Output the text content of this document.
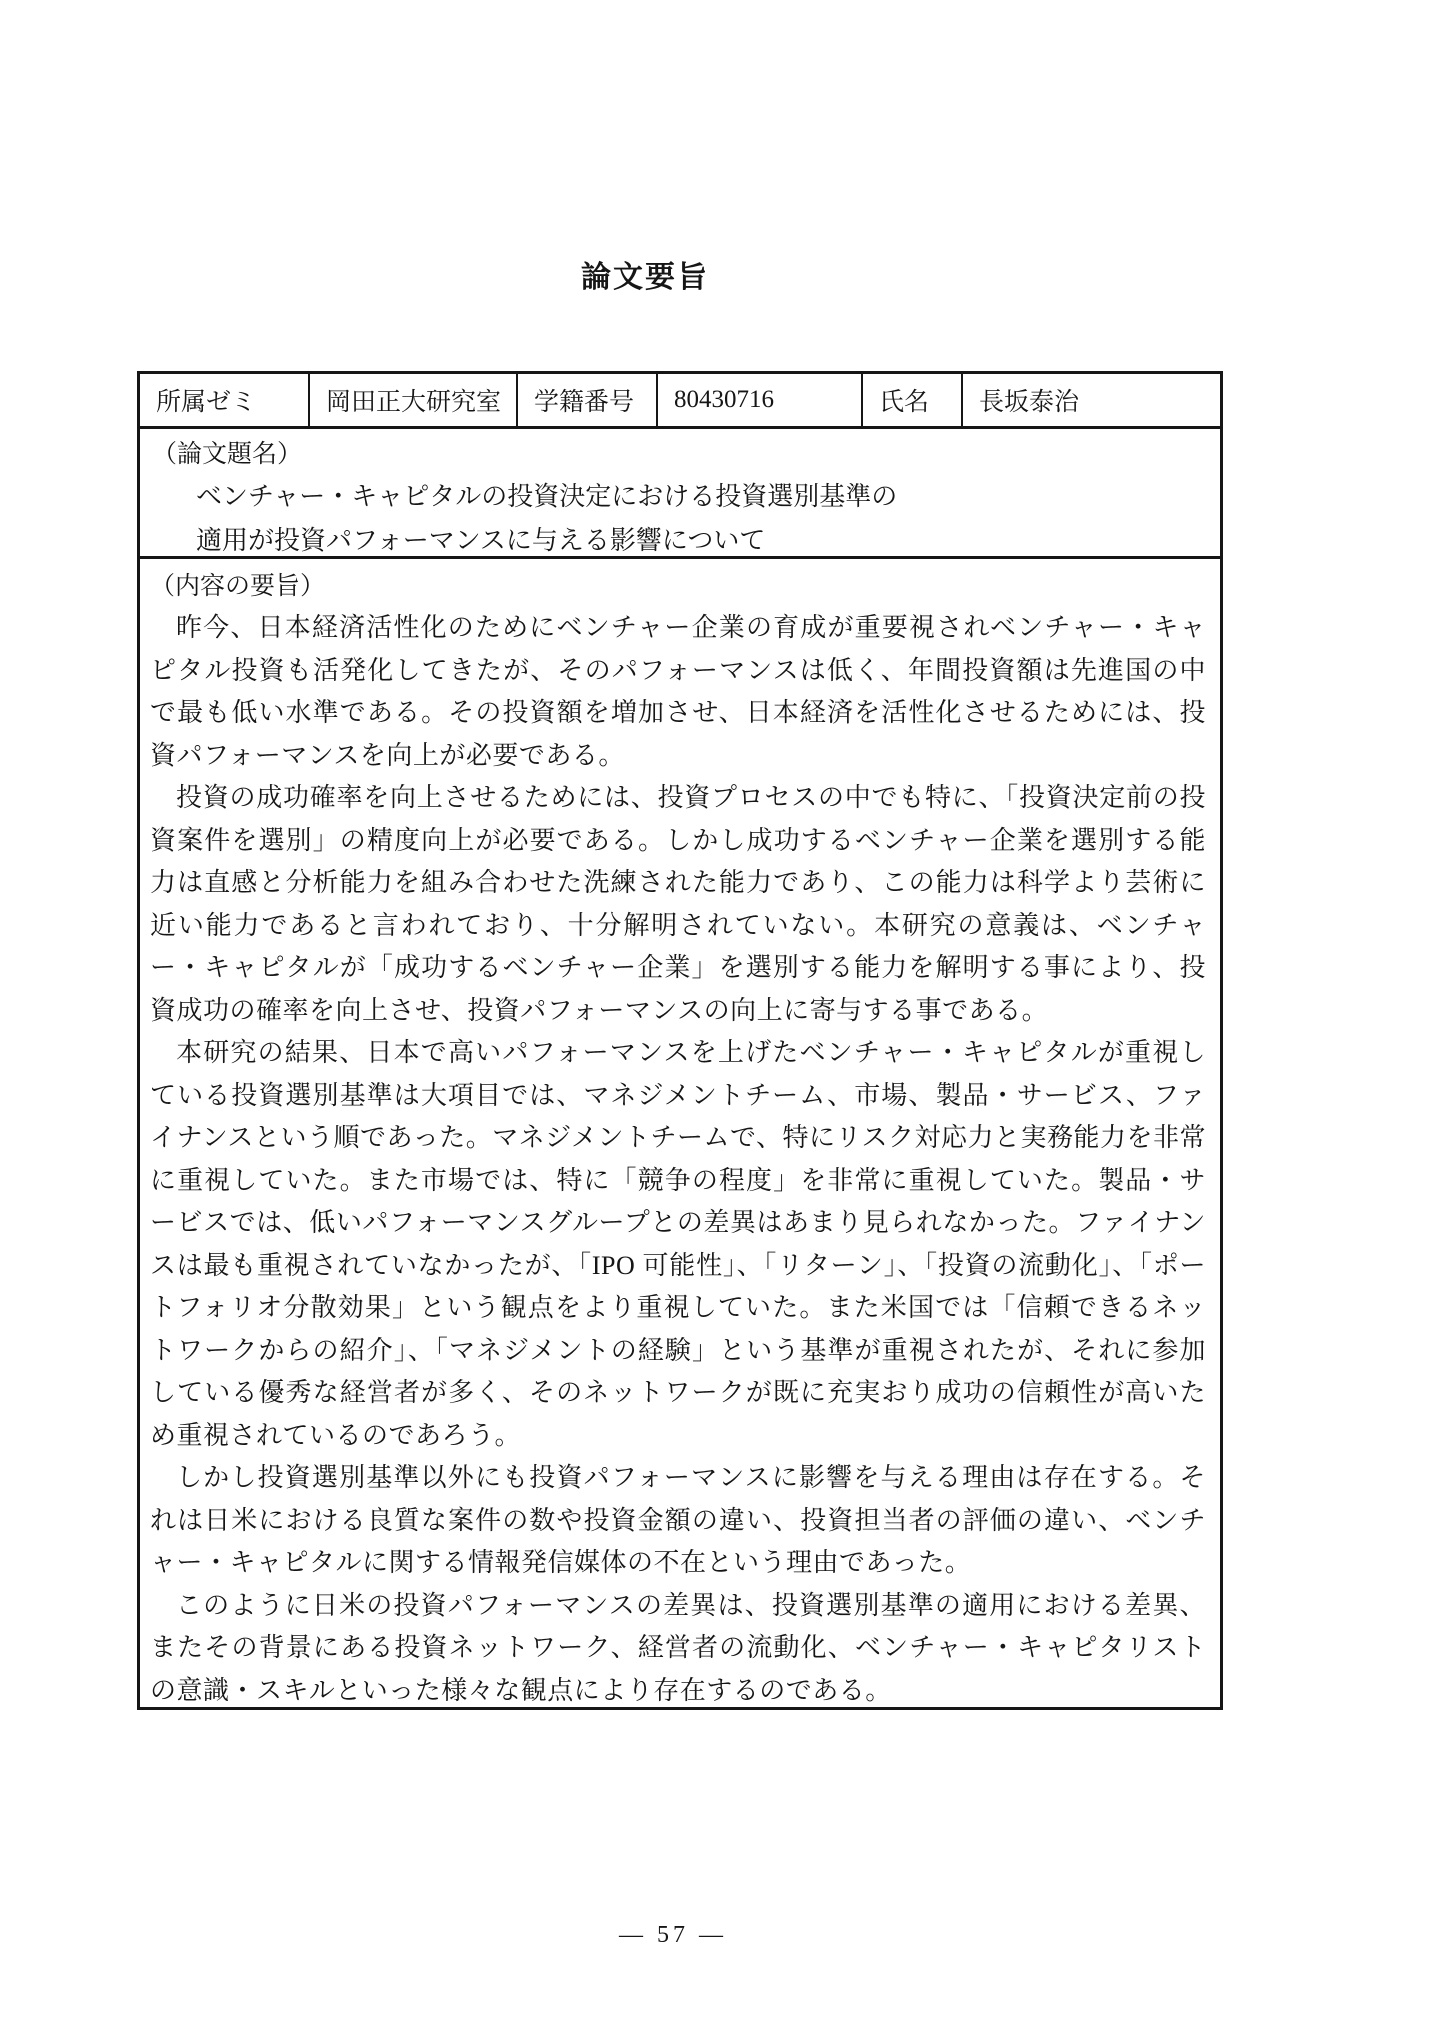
論文要旨
所属ゼミ	岡田正大研究室	学籍番号	80430716	氏名	長坂泰治
（論文題名）
ベンチャー・キャピタルの投資決定における投資選別基準の
適用が投資パフォーマンスに与える影響について
（内容の要旨）

昨今、日本経済活性化のためにベンチャー企業の育成が重要視されベンチャー・キャピタル投資も活発化してきたが、そのパフォーマンスは低く、年間投資額は先進国の中で最も低い水準である。その投資額を増加させ、日本経済を活性化させるためには、投資パフォーマンスを向上が必要である。

投資の成功確率を向上させるためには、投資プロセスの中でも特に、「投資決定前の投資案件を選別」の精度向上が必要である。しかし成功するベンチャー企業を選別する能力は直感と分析能力を組み合わせた洗練された能力であり、この能力は科学より芸術に近い能力であると言われており、十分解明されていない。本研究の意義は、ベンチャー・キャピタルが「成功するベンチャー企業」を選別する能力を解明する事により、投資成功の確率を向上させ、投資パフォーマンスの向上に寄与する事である。

本研究の結果、日本で高いパフォーマンスを上げたベンチャー・キャピタルが重視している投資選別基準は大項目では、マネジメントチーム、市場、製品・サービス、ファイナンスという順であった。マネジメントチームで、特にリスク対応力と実務能力を非常に重視していた。また市場では、特に「競争の程度」を非常に重視していた。製品・サービスでは、低いパフォーマンスグループとの差異はあまり見られなかった。ファイナンスは最も重視されていなかったが、「IPO 可能性」、「リターン」、「投資の流動化」、「ポートフォリオ分散効果」という観点をより重視していた。また米国では「信頼できるネットワークからの紹介」、「マネジメントの経験」という基準が重視されたが、それに参加している優秀な経営者が多く、そのネットワークが既に充実おり成功の信頼性が高いため重視されているのであろう。

しかし投資選別基準以外にも投資パフォーマンスに影響を与える理由は存在する。それは日米における良質な案件の数や投資金額の違い、投資担当者の評価の違い、ベンチャー・キャピタルに関する情報発信媒体の不在という理由であった。

このように日米の投資パフォーマンスの差異は、投資選別基準の適用における差異、またその背景にある投資ネットワーク、経営者の流動化、ベンチャー・キャピタリストの意識・スキルといった様々な観点により存在するのである。

― 57 ―
